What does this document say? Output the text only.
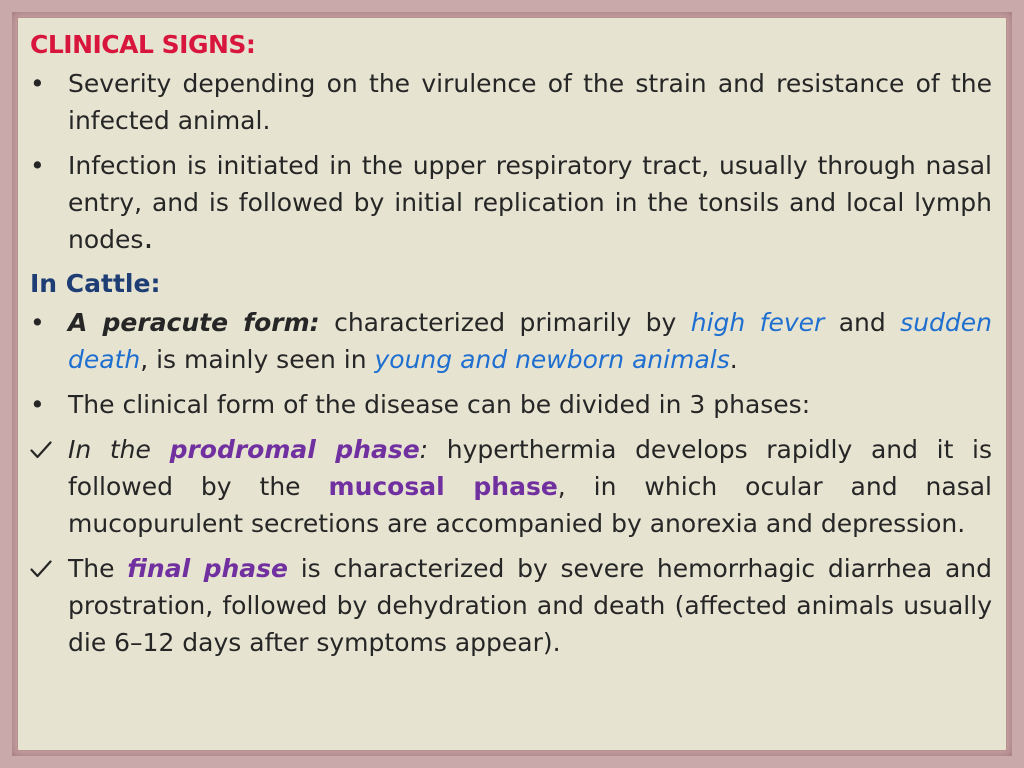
CLINICAL SIGNS:
• Severity depending on the virulence of the strain and resistance of the infected animal.
• Infection is initiated in the upper respiratory tract, usually through nasal entry, and is followed by initial replication in the tonsils and local lymph nodes.
In Cattle:
• A peracute form: characterized primarily by high fever and sudden death, is mainly seen in young and newborn animals.
• The clinical form of the disease can be divided in 3 phases:
In the prodromal phase: hyperthermia develops rapidly and it is followed by the mucosal phase, in which ocular and nasal mucopurulent secretions are accompanied by anorexia and depression.
The final phase is characterized by severe hemorrhagic diarrhea and prostration, followed by dehydration and death (affected animals usually die 6–12 days after symptoms appear).
